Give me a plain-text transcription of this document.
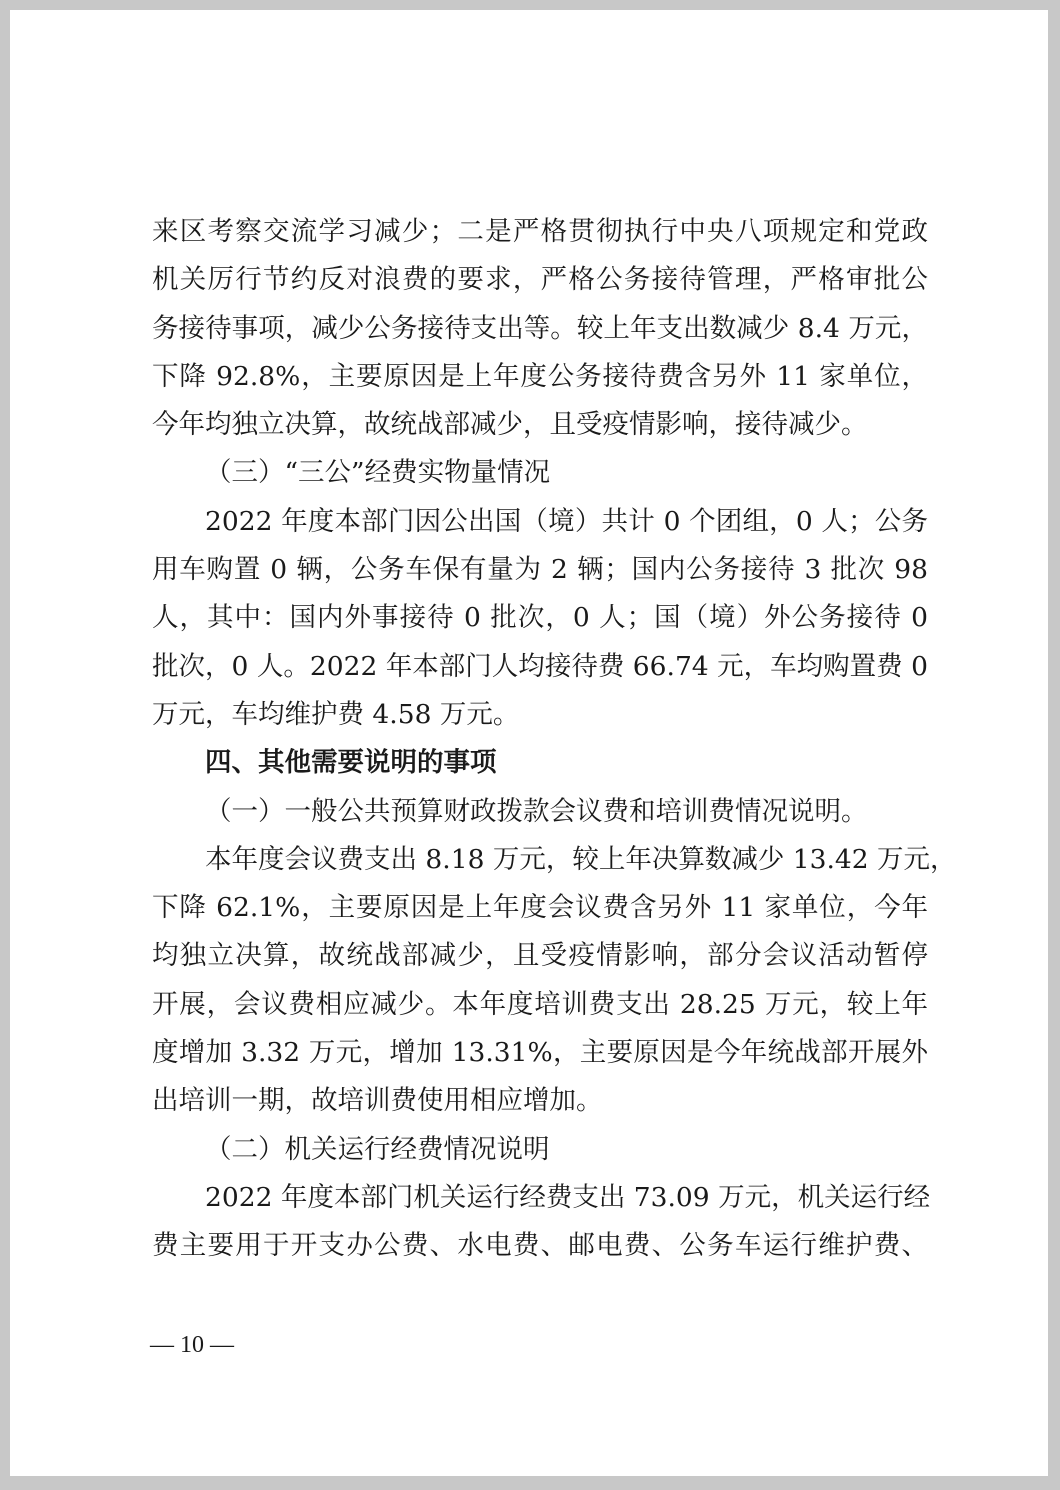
来区考察交流学习减少；二是严格贯彻执行中央八项规定和党政
机关厉行节约反对浪费的要求，严格公务接待管理，严格审批公
务接待事项，减少公务接待支出等。较上年支出数减少 8.4 万元，
下降 92.8%，主要原因是上年度公务接待费含另外 11 家单位，
今年均独立决算，故统战部减少，且受疫情影响，接待减少。
（三）“三公”经费实物量情况
2022 年度本部门因公出国（境）共计 0 个团组，0 人；公务
用车购置 0 辆，公务车保有量为 2 辆；国内公务接待 3 批次 98
人，其中：国内外事接待 0 批次，0 人；国（境）外公务接待 0
批次，0 人。2022 年本部门人均接待费 66.74 元，车均购置费 0
万元，车均维护费 4.58 万元。
四、其他需要说明的事项
（一）一般公共预算财政拨款会议费和培训费情况说明。
本年度会议费支出 8.18 万元，较上年决算数减少 13.42 万元，
下降 62.1%，主要原因是上年度会议费含另外 11 家单位，今年
均独立决算，故统战部减少，且受疫情影响，部分会议活动暂停
开展，会议费相应减少。本年度培训费支出 28.25 万元，较上年
度增加 3.32 万元，增加 13.31%，主要原因是今年统战部开展外
出培训一期，故培训费使用相应增加。
（二）机关运行经费情况说明
2022 年度本部门机关运行经费支出 73.09 万元，机关运行经
费主要用于开支办公费、水电费、邮电费、公务车运行维护费、
— 10 —
